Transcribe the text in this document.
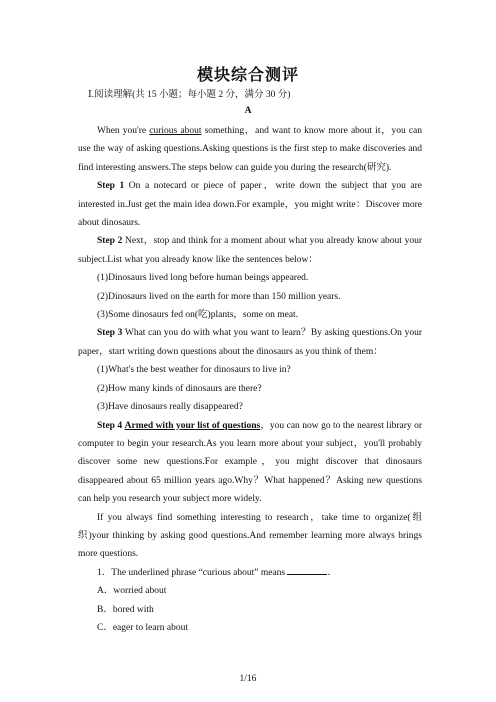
模块综合测评
Ⅰ.阅读理解(共 15 小题；每小题 2 分，满分 30 分)
A

When you're curious about something，and want to know more about it，you can use the way of asking questions.Asking questions is the first step to make discoveries and find interesting answers.The steps below can guide you during the research(研究).

Step 1 On a notecard or piece of paper，write down the subject that you are interested in.Just get the main idea down.For example，you might write：Discover more about dinosaurs.

Step 2 Next，stop and think for a moment about what you already know about your subject.List what you already know like the sentences below：

(1)Dinosaurs lived long before human beings appeared.

(2)Dinosaurs lived on the earth for more than 150 million years.

(3)Some dinosaurs fed on(吃)plants，some on meat.

Step 3 What can you do with what you want to learn？By asking questions.On your paper，start writing down questions about the dinosaurs as you think of them：

(1)What's the best weather for dinosaurs to live in?

(2)How many kinds of dinosaurs are there?

(3)Have dinosaurs really disappeared?

Step 4 Armed with your list of questions，you can now go to the nearest library or computer to begin your research.As you learn more about your subject，you'll probably discover some new questions.For example，you might discover that dinosaurs disappeared about 65 million years ago.Why？What happened？Asking new questions can help you research your subject more widely.

If you always find something interesting to research，take time to organize(组织)your thinking by asking good questions.And remember learning more always brings more questions.

1．The underlined phrase “curious about” means	．

A．worried about

B．bored with

C．eager to learn about

1/16
